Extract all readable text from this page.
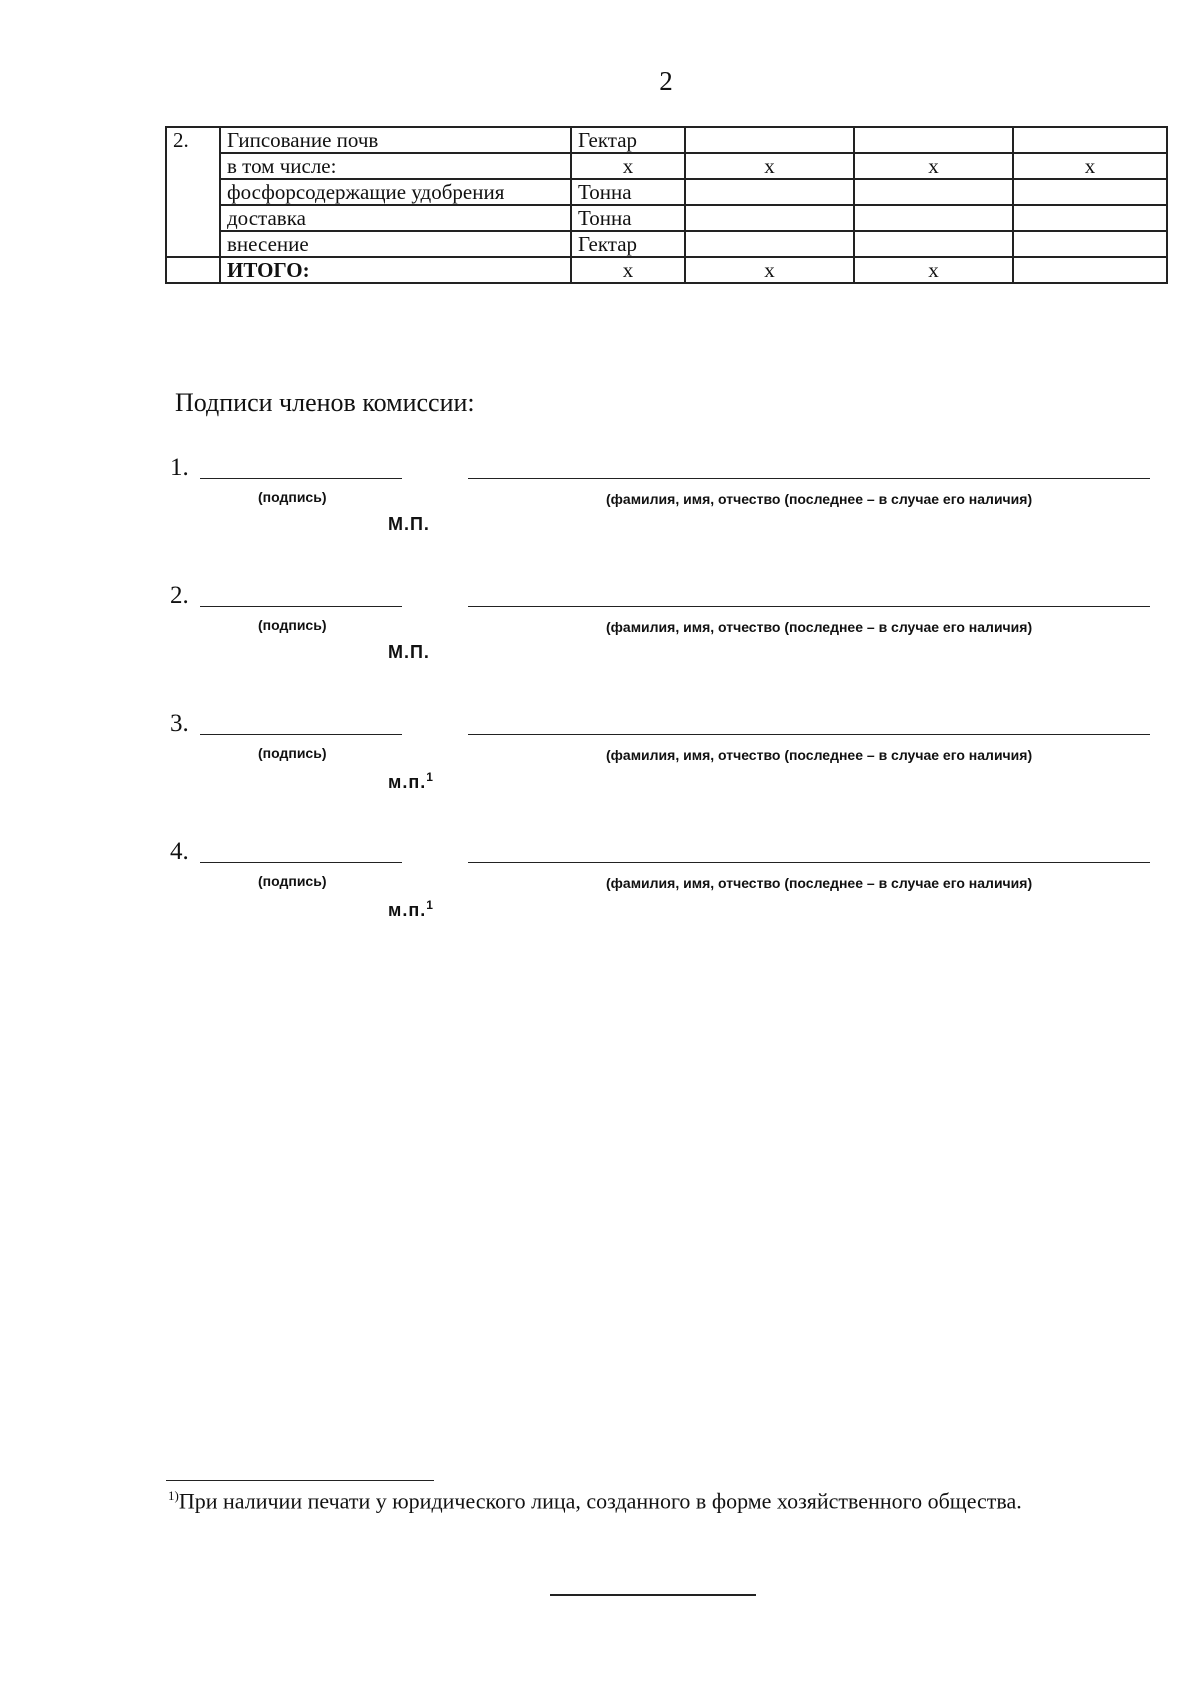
2
2.	Гипсование почв	Гектар			
	в том числе:	х	х	х	х
	фосфорсодержащие удобрения	Тонна			
	доставка	Тонна			
	внесение	Гектар			
	ИТОГО:	х	х	х	
Подписи членов комиссии:
1.
(подпись)	(фамилия, имя, отчество (последнее – в случае его наличия)
М.П.
2.
(подпись)	(фамилия, имя, отчество (последнее – в случае его наличия)
М.П.
3.
(подпись)	(фамилия, имя, отчество (последнее – в случае его наличия)
м.п.$^1$
4.
(подпись)	(фамилия, имя, отчество (последнее – в случае его наличия)
м.п.$^1$
$^{1)}$При наличии печати у юридического лица, созданного в форме хозяйственного общества.
